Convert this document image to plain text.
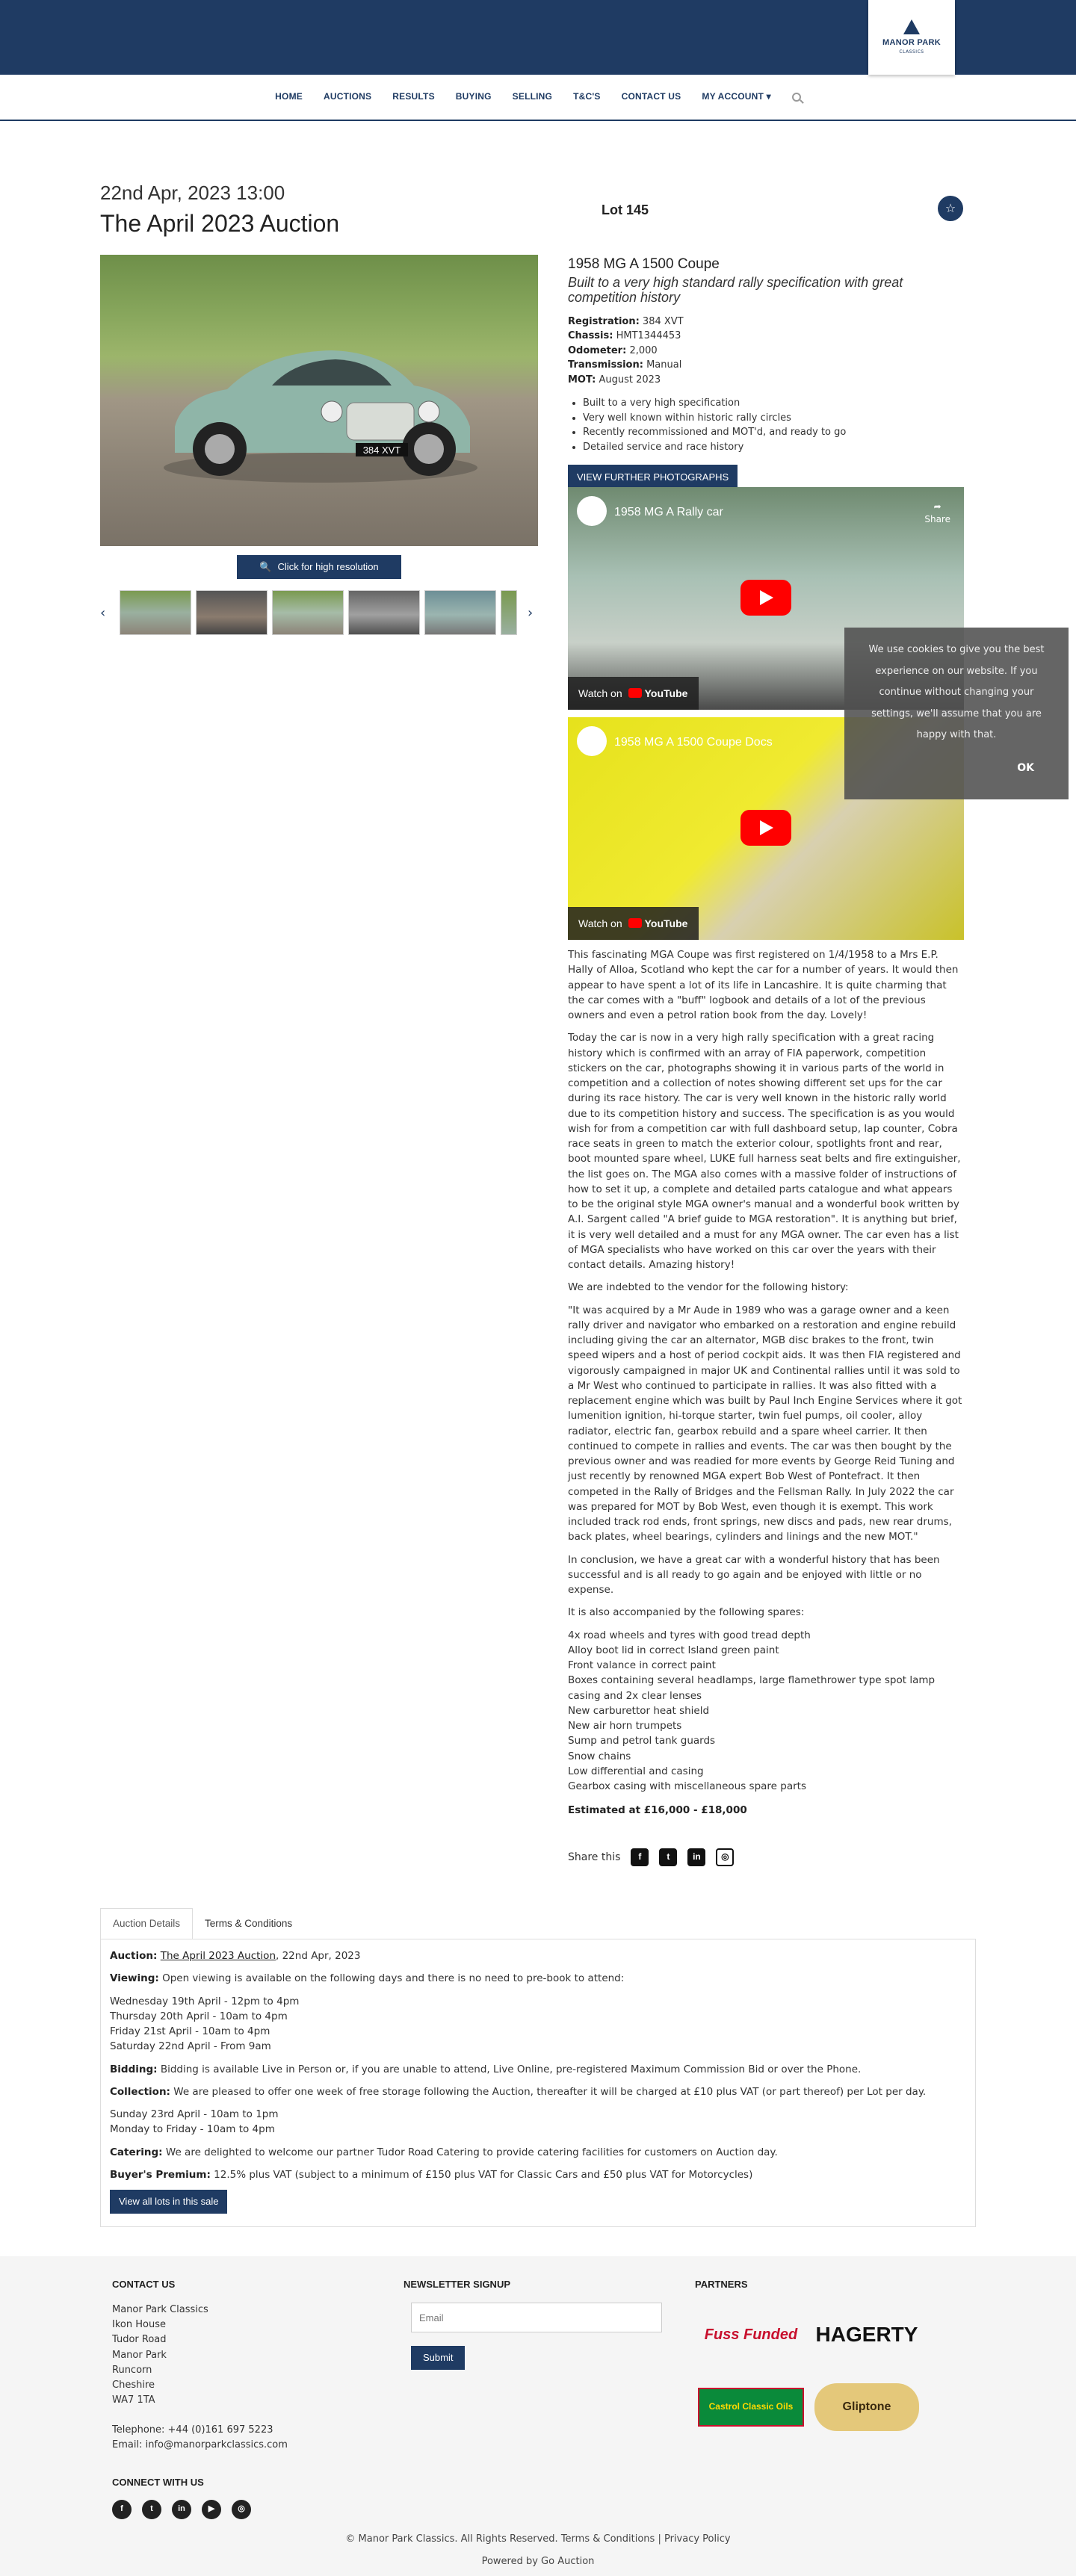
MANOR PARK
CLASSICS
HOME AUCTIONS RESULTS BUYING SELLING T&C'S CONTACT US MY ACCOUNT ▾
22nd Apr, 2023 13:00
The April 2023 Auction	Lot 145	☆
384 XVT
🔍 Click for high resolution
‹	›
1958 MG A 1500 Coupe
Built to a very high standard rally specification with great competition history
Registration: 384 XVT
Chassis: HMT1344453
Odometer: 2,000
Transmission: Manual
MOT: August 2023
• Built to a very high specification
• Very well known within historic rally circles
• Recently recommissioned and MOT'd, and ready to go
• Detailed service and race history
VIEW FURTHER PHOTOGRAPHS
1958 MG A Rally car	➦
Share
Watch on YouTube
1958 MG A 1500 Coupe Docs
Watch on YouTube

This fascinating MGA Coupe was first registered on 1/4/1958 to a Mrs E.P. Hally of Alloa, Scotland who kept the car for a number of years. It would then appear to have spent a lot of its life in Lancashire. It is quite charming that the car comes with a "buff" logbook and details of a lot of the previous owners and even a petrol ration book from the day. Lovely!

Today the car is now in a very high rally specification with a great racing history which is confirmed with an array of FIA paperwork, competition stickers on the car, photographs showing it in various parts of the world in competition and a collection of notes showing different set ups for the car during its race history. The car is very well known in the historic rally world due to its competition history and success. The specification is as you would wish for from a competition car with full dashboard setup, lap counter, Cobra race seats in green to match the exterior colour, spotlights front and rear, boot mounted spare wheel, LUKE full harness seat belts and fire extinguisher, the list goes on. The MGA also comes with a massive folder of instructions of how to set it up, a complete and detailed parts catalogue and what appears to be the original style MGA owner's manual and a wonderful book written by A.I. Sargent called "A brief guide to MGA restoration". It is anything but brief, it is very well detailed and a must for any MGA owner. The car even has a list of MGA specialists who have worked on this car over the years with their contact details. Amazing history!

We are indebted to the vendor for the following history:

"It was acquired by a Mr Aude in 1989 who was a garage owner and a keen rally driver and navigator who embarked on a restoration and engine rebuild including giving the car an alternator, MGB disc brakes to the front, twin speed wipers and a host of period cockpit aids. It was then FIA registered and vigorously campaigned in major UK and Continental rallies until it was sold to a Mr West who continued to participate in rallies. It was also fitted with a replacement engine which was built by Paul Inch Engine Services where it got lumenition ignition, hi-torque starter, twin fuel pumps, oil cooler, alloy radiator, electric fan, gearbox rebuild and a spare wheel carrier. It then continued to compete in rallies and events. The car was then bought by the previous owner and was readied for more events by George Reid Tuning and just recently by renowned MGA expert Bob West of Pontefract. It then competed in the Rally of Bridges and the Fellsman Rally. In July 2022 the car was prepared for MOT by Bob West, even though it is exempt. This work included track rod ends, front springs, new discs and pads, new rear drums, back plates, wheel bearings, cylinders and linings and the new MOT."

In conclusion, we have a great car with a wonderful history that has been successful and is all ready to go again and be enjoyed with little or no expense.

It is also accompanied by the following spares:

4x road wheels and tyres with good tread depth
Alloy boot lid in correct Island green paint
Front valance in correct paint
Boxes containing several headlamps, large flamethrower type spot lamp casing and 2x clear lenses
New carburettor heat shield
New air horn trumpets
Sump and petrol tank guards
Snow chains
Low differential and casing
Gearbox casing with miscellaneous spare parts

Estimated at £16,000 - £18,000

Share this	f	t	in	◎
We use cookies to give you the best experience on our website. If you continue without changing your settings, we'll assume that you are happy with that.
OK
Auction Details	Terms & Conditions

Auction: The April 2023 Auction, 22nd Apr, 2023

Viewing: Open viewing is available on the following days and there is no need to pre-book to attend:

Wednesday 19th April - 12pm to 4pm
Thursday 20th April - 10am to 4pm
Friday 21st April - 10am to 4pm
Saturday 22nd April - From 9am

Bidding: Bidding is available Live in Person or, if you are unable to attend, Live Online, pre-registered Maximum Commission Bid or over the Phone.

Collection: We are pleased to offer one week of free storage following the Auction, thereafter it will be charged at £10 plus VAT (or part thereof) per Lot per day.

Sunday 23rd April - 10am to 1pm
Monday to Friday - 10am to 4pm

Catering: We are delighted to welcome our partner Tudor Road Catering to provide catering facilities for customers on Auction day.

Buyer's Premium: 12.5% plus VAT (subject to a minimum of £150 plus VAT for Classic Cars and £50 plus VAT for Motorcycles)

View all lots in this sale
CONTACT US
Manor Park Classics
Ikon House
Tudor Road
Manor Park
Runcorn
Cheshire
WA7 1TA
Telephone: +44 (0)161 697 5223
Email: info@manorparkclassics.com
CONNECT WITH US
f	t	in	▶	◎
NEWSLETTER SIGNUP
Email
Submit
PARTNERS
Fuss Funded HAGERTY
Castrol Classic Oils	Gliptone
© Manor Park Classics. All Rights Reserved. Terms & Conditions | Privacy Policy
Powered by Go Auction
